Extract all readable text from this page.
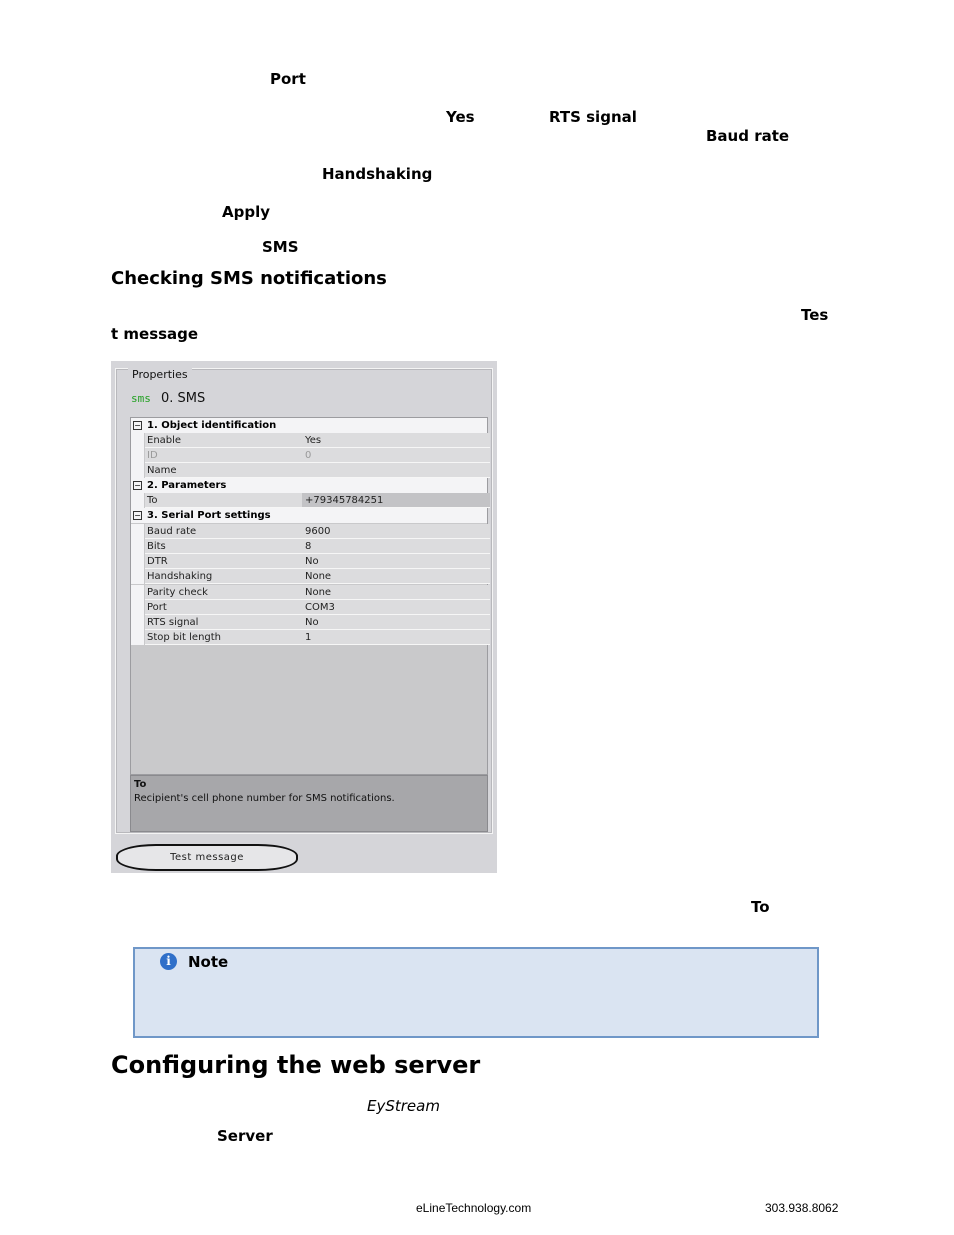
Port
Yes	RTS signal
Baud rate
Handshaking
Apply
SMS
Checking SMS notifications
Tes
t message
Properties
sms 0. SMS
− 1. Object identification
Enable	Yes
ID	0
Name
− 2. Parameters
To	+79345784251
− 3. Serial Port settings
Baud rate	9600
Bits	8
DTR	No
Handshaking	None
Parity check	None
Port	COM3
RTS signal	No
Stop bit length	1
To
Recipient's cell phone number for SMS notifications.
Test message
To
i	Note
Configuring the web server
EyStream
Server
eLineTechnology.com	303.938.8062
